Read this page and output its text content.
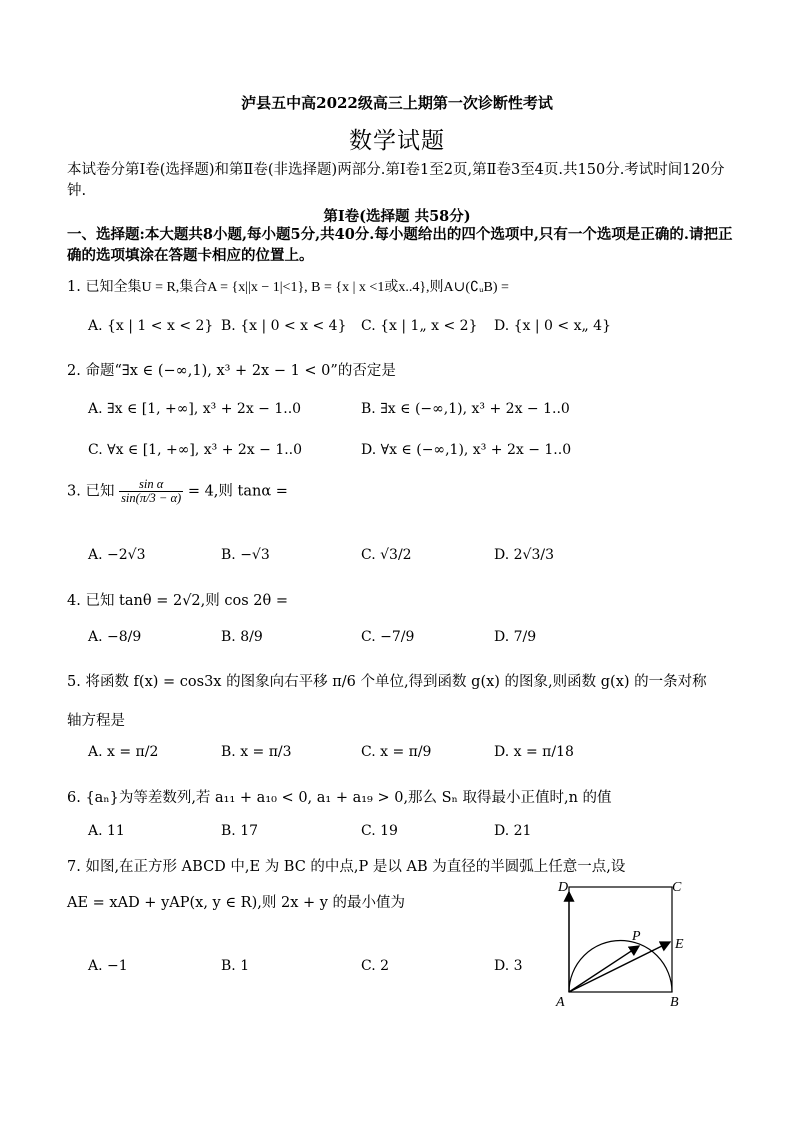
泸县五中高2022级高三上期第一次诊断性考试
数学试题
本试卷分第Ⅰ卷(选择题)和第Ⅱ卷(非选择题)两部分.第Ⅰ卷1至2页,第Ⅱ卷3至4页.共150分.考试时间120分钟.
第Ⅰ卷(选择题 共58分)
一、选择题:本大题共8小题,每小题5分,共40分.每小题给出的四个选项中,只有一个选项是正确的.请把正确的选项填涂在答题卡相应的位置上。
1. 已知全集U = R,集合A = {x||x − 1|<1}, B = {x | x <1或x..4},则A∪(∁ᵤB) =
A. {x | 1 < x < 2} B. {x | 0 < x < 4} C. {x | 1„ x < 2} D. {x | 0 < x„ 4}
2. 命题“∃x ∈ (−∞,1), x³ + 2x − 1 < 0”的否定是
A. ∃x ∈ [1, +∞], x³ + 2x − 1..0	B. ∃x ∈ (−∞,1), x³ + 2x − 1..0
C. ∀x ∈ [1, +∞], x³ + 2x − 1..0	D. ∀x ∈ (−∞,1), x³ + 2x − 1..0
3. 已知 $\frac{\text{sin α}}{\sin(\pi/3 - \alpha)} = 4$,则 tanα =
A. −2√3	B. −√3	C. √3/2	D. 2√3/3
4. 已知 tanθ = 2√2,则 cos 2θ =
A. −8/9	B. 8/9	C. −7/9	D. 7/9
5. 将函数 f(x) = cos3x 的图象向右平移 π/6 个单位,得到函数 g(x) 的图象,则函数 g(x) 的一条对称
轴方程是
A. x = π/2	B. x = π/3	C. x = π/9	D. x = π/18
6. {aₙ}为等差数列,若 a₁₁ + a₁₀ < 0, a₁ + a₁₉ > 0,那么 Sₙ 取得最小正值时,n 的值
A. 11	B. 17	C. 19	D. 21
7. 如图,在正方形 ABCD 中,E 为 BC 的中点,P 是以 AB 为直径的半圆弧上任意一点,设
AE = xAD + yAP(x, y ∈ R),则 2x + y 的最小值为
A. −1	B. 1	C. 2	D. 3
D	C
P
E
A	B
